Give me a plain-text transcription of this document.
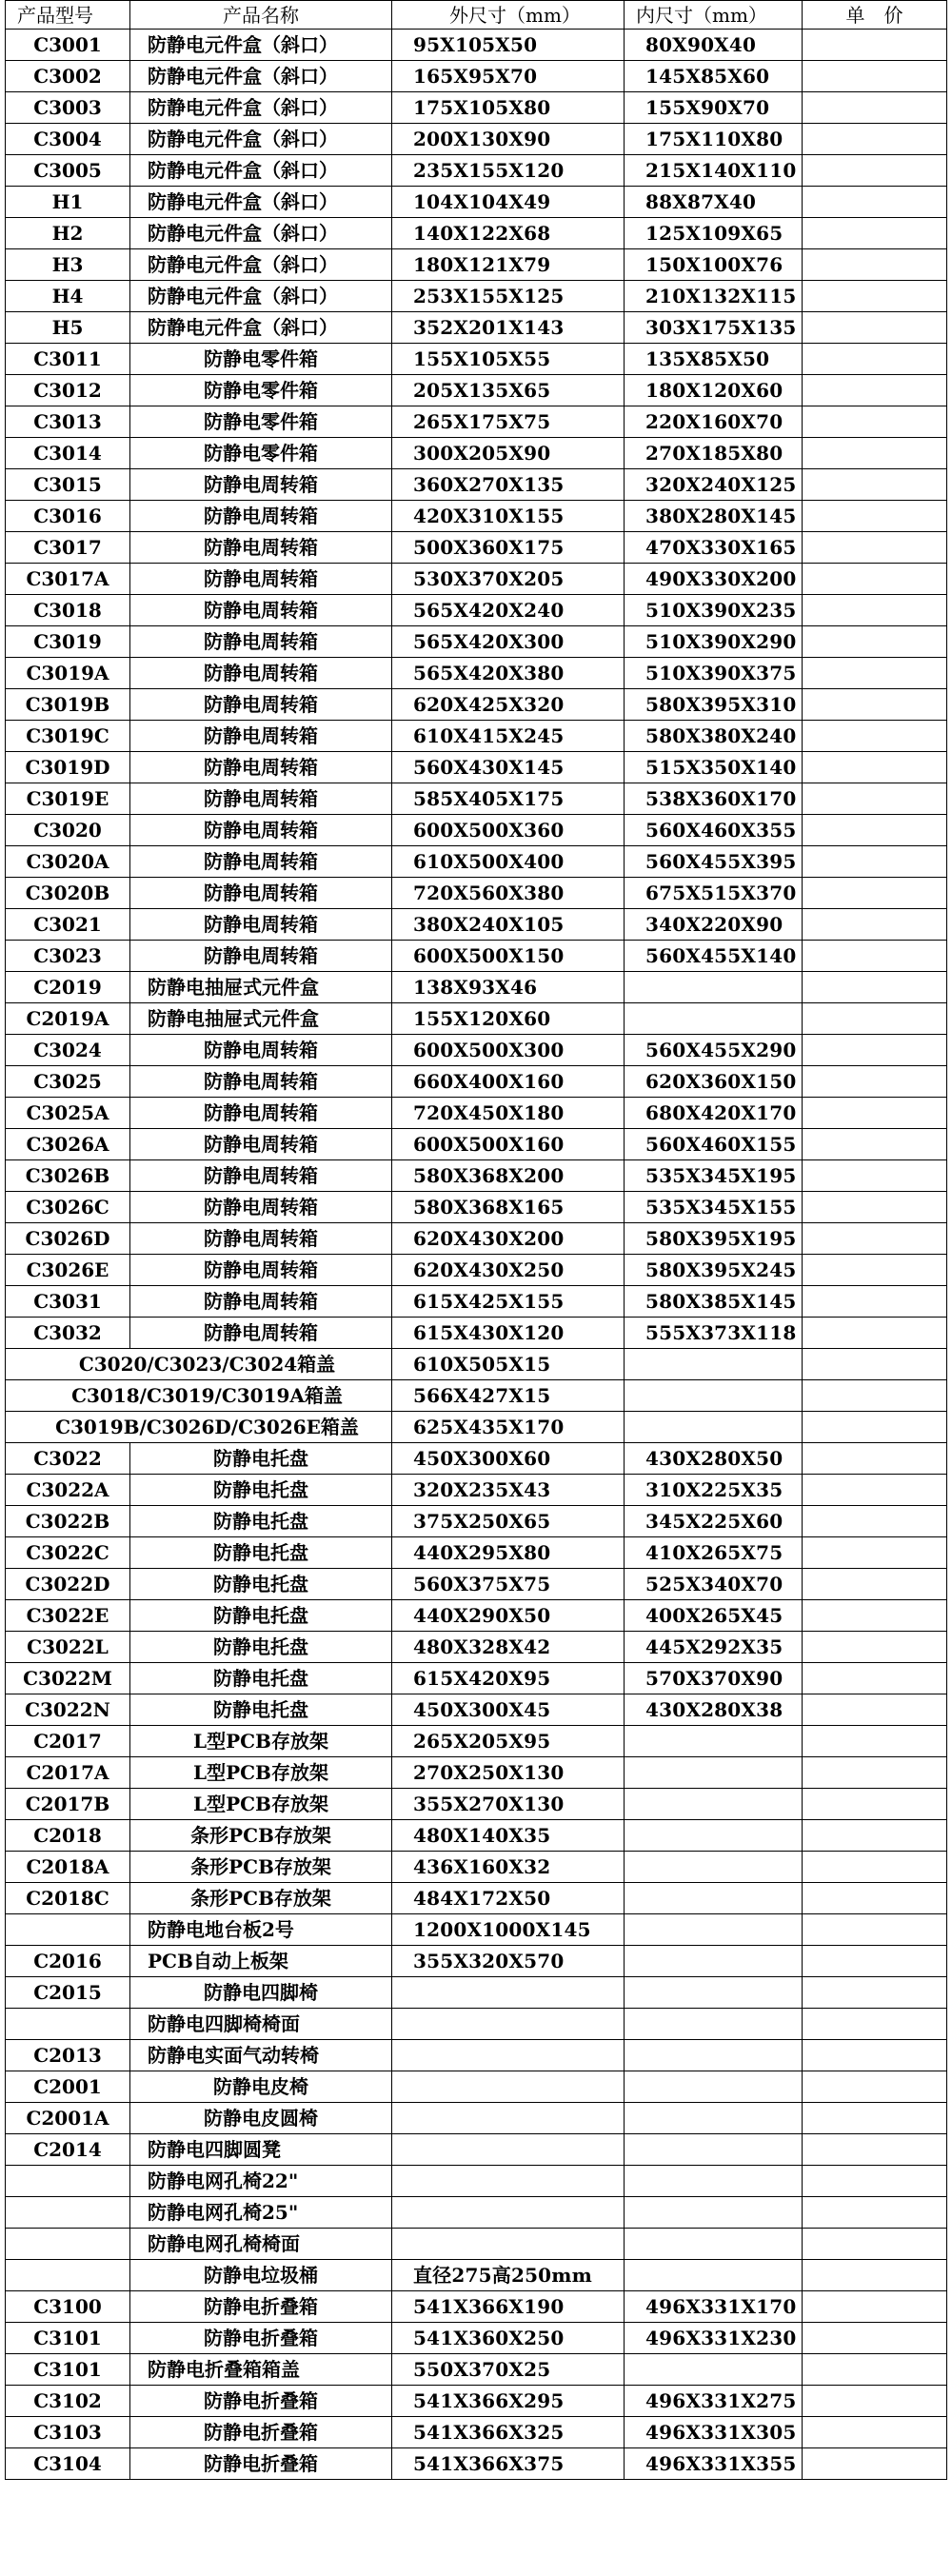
产品型号	产品名称	外尺寸（mm）	内尺寸（mm）	单　价
C3001	防静电元件盒（斜口）	95X105X50	80X90X40	
C3002	防静电元件盒（斜口）	165X95X70	145X85X60	
C3003	防静电元件盒（斜口）	175X105X80	155X90X70	
C3004	防静电元件盒（斜口）	200X130X90	175X110X80	
C3005	防静电元件盒（斜口）	235X155X120	215X140X110	
H1	防静电元件盒（斜口）	104X104X49	88X87X40	
H2	防静电元件盒（斜口）	140X122X68	125X109X65	
H3	防静电元件盒（斜口）	180X121X79	150X100X76	
H4	防静电元件盒（斜口）	253X155X125	210X132X115	
H5	防静电元件盒（斜口）	352X201X143	303X175X135	
C3011	防静电零件箱	155X105X55	135X85X50	
C3012	防静电零件箱	205X135X65	180X120X60	
C3013	防静电零件箱	265X175X75	220X160X70	
C3014	防静电零件箱	300X205X90	270X185X80	
C3015	防静电周转箱	360X270X135	320X240X125	
C3016	防静电周转箱	420X310X155	380X280X145	
C3017	防静电周转箱	500X360X175	470X330X165	
C3017A	防静电周转箱	530X370X205	490X330X200	
C3018	防静电周转箱	565X420X240	510X390X235	
C3019	防静电周转箱	565X420X300	510X390X290	
C3019A	防静电周转箱	565X420X380	510X390X375	
C3019B	防静电周转箱	620X425X320	580X395X310	
C3019C	防静电周转箱	610X415X245	580X380X240	
C3019D	防静电周转箱	560X430X145	515X350X140	
C3019E	防静电周转箱	585X405X175	538X360X170	
C3020	防静电周转箱	600X500X360	560X460X355	
C3020A	防静电周转箱	610X500X400	560X455X395	
C3020B	防静电周转箱	720X560X380	675X515X370	
C3021	防静电周转箱	380X240X105	340X220X90	
C3023	防静电周转箱	600X500X150	560X455X140	
C2019	防静电抽屉式元件盒	138X93X46		
C2019A	防静电抽屉式元件盒	155X120X60		
C3024	防静电周转箱	600X500X300	560X455X290	
C3025	防静电周转箱	660X400X160	620X360X150	
C3025A	防静电周转箱	720X450X180	680X420X170	
C3026A	防静电周转箱	600X500X160	560X460X155	
C3026B	防静电周转箱	580X368X200	535X345X195	
C3026C	防静电周转箱	580X368X165	535X345X155	
C3026D	防静电周转箱	620X430X200	580X395X195	
C3026E	防静电周转箱	620X430X250	580X395X245	
C3031	防静电周转箱	615X425X155	580X385X145	
C3032	防静电周转箱	615X430X120	555X373X118	
C3020/C3023/C3024箱盖		610X505X15		
C3018/C3019/C3019A箱盖		566X427X15		
C3019B/C3026D/C3026E箱盖		625X435X170		
C3022	防静电托盘	450X300X60	430X280X50	
C3022A	防静电托盘	320X235X43	310X225X35	
C3022B	防静电托盘	375X250X65	345X225X60	
C3022C	防静电托盘	440X295X80	410X265X75	
C3022D	防静电托盘	560X375X75	525X340X70	
C3022E	防静电托盘	440X290X50	400X265X45	
C3022L	防静电托盘	480X328X42	445X292X35	
C3022M	防静电托盘	615X420X95	570X370X90	
C3022N	防静电托盘	450X300X45	430X280X38	
C2017	L型PCB存放架	265X205X95		
C2017A	L型PCB存放架	270X250X130		
C2017B	L型PCB存放架	355X270X130		
C2018	条形PCB存放架	480X140X35		
C2018A	条形PCB存放架	436X160X32		
C2018C	条形PCB存放架	484X172X50		
	防静电地台板2号	1200X1000X145		
C2016	PCB自动上板架	355X320X570		
C2015	防静电四脚椅			
	防静电四脚椅椅面			
C2013	防静电实面气动转椅			
C2001	防静电皮椅			
C2001A	防静电皮圆椅			
C2014	防静电四脚圆凳			
	防静电网孔椅22"			
	防静电网孔椅25"			
	防静电网孔椅椅面			
	防静电垃圾桶	直径275高250mm		
C3100	防静电折叠箱	541X366X190	496X331X170	
C3101	防静电折叠箱	541X360X250	496X331X230	
C3101	防静电折叠箱箱盖	550X370X25		
C3102	防静电折叠箱	541X366X295	496X331X275	
C3103	防静电折叠箱	541X366X325	496X331X305	
C3104	防静电折叠箱	541X366X375	496X331X355	
